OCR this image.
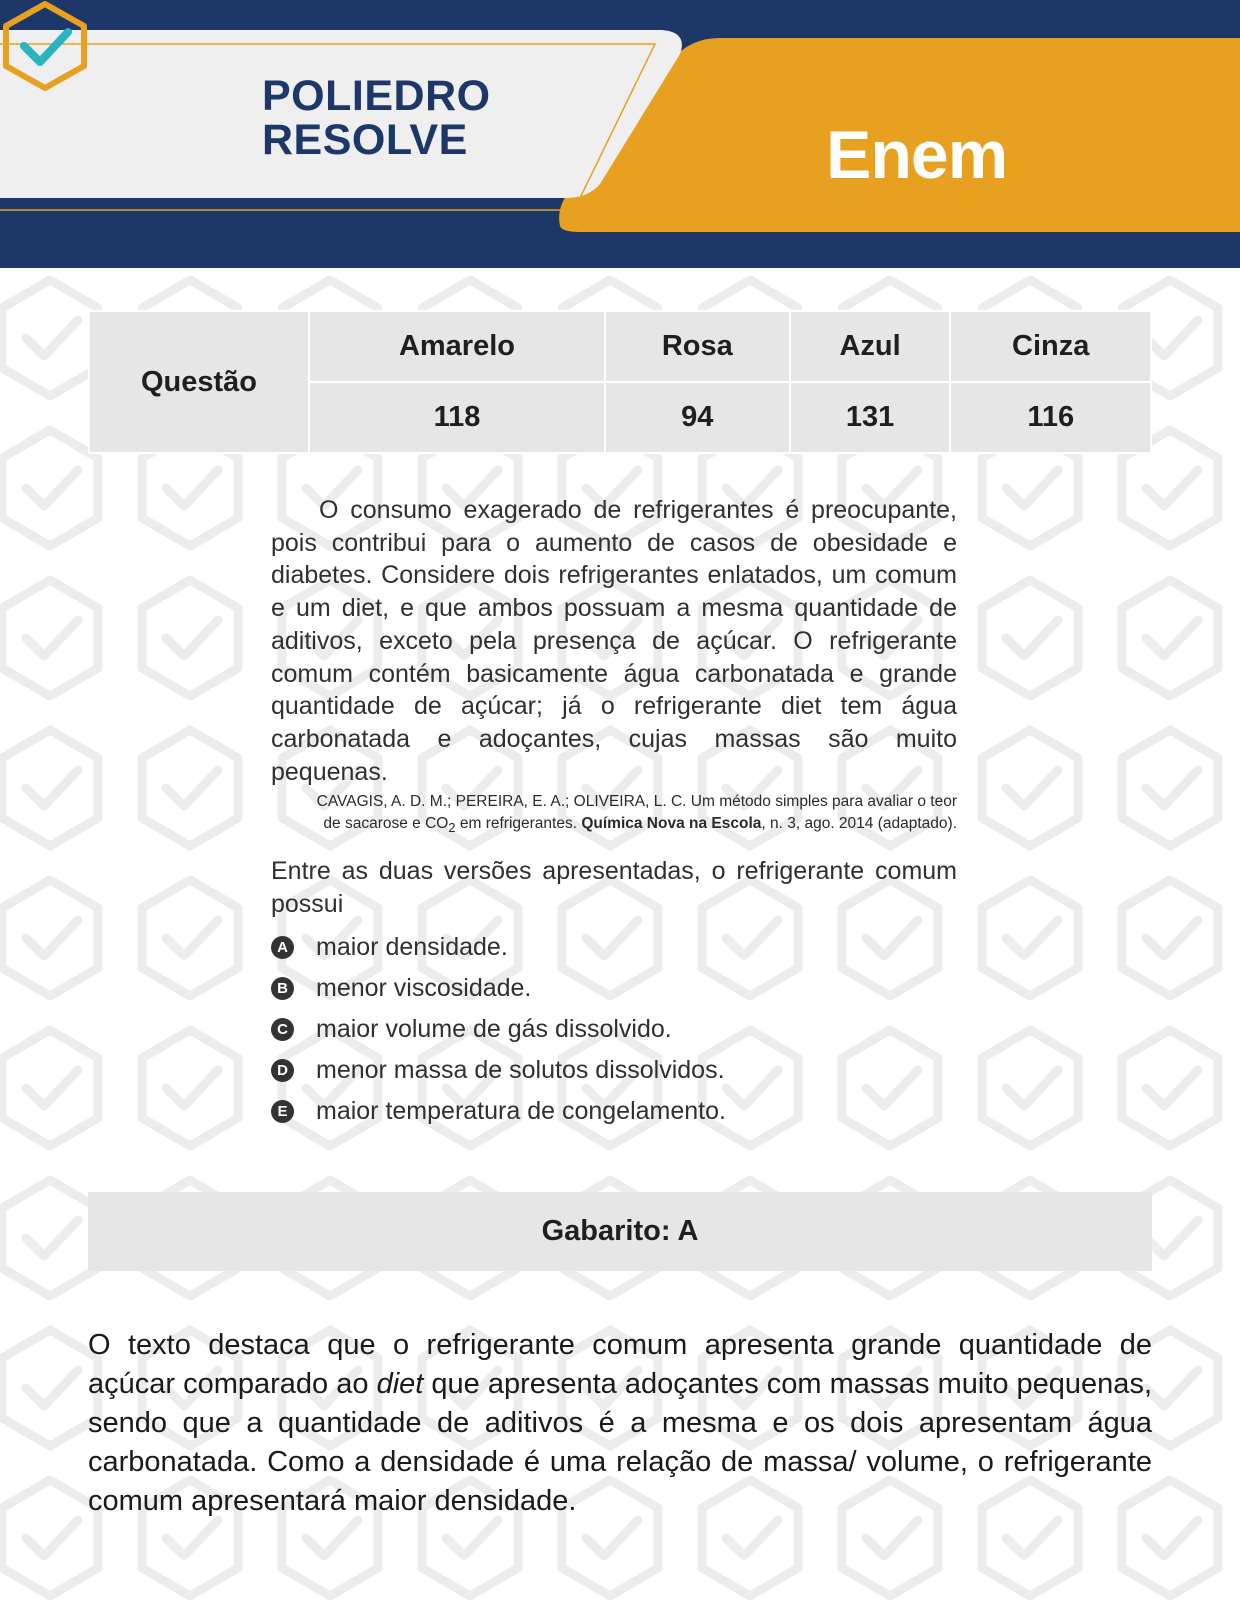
POLIEDRO
RESOLVE	Enem
Questão	Amarelo	Rosa	Azul	Cinza
	118	94	131	116

O consumo exagerado de refrigerantes é preocupante, pois contribui para o aumento de casos de obesidade e diabetes. Considere dois refrigerantes enlatados, um comum e um diet, e que ambos possuam a mesma quantidade de aditivos, exceto pela presença de açúcar. O refrigerante comum contém basicamente água carbonatada e grande quantidade de açúcar; já o refrigerante diet tem água carbonatada e adoçantes, cujas massas são muito pequenas.

CAVAGIS, A. D. M.; PEREIRA, E. A.; OLIVEIRA, L. C. Um método simples para avaliar o teor
de sacarose e $CO_2$ em refrigerantes. Química Nova na Escola, n. 3, ago. 2014 (adaptado).

Entre as duas versões apresentadas, o refrigerante comum possui

A maior densidade.
B menor viscosidade.
C maior volume de gás dissolvido.
D menor massa de solutos dissolvidos.
E maior temperatura de congelamento.
Gabarito: A

O texto destaca que o refrigerante comum apresenta grande quantidade de açúcar comparado ao diet que apresenta adoçantes com massas muito pequenas, sendo que a quantidade de aditivos é a mesma e os dois apresentam água carbonatada. Como a densidade é uma relação de massa/ volume, o refrigerante comum apresentará maior densidade.
